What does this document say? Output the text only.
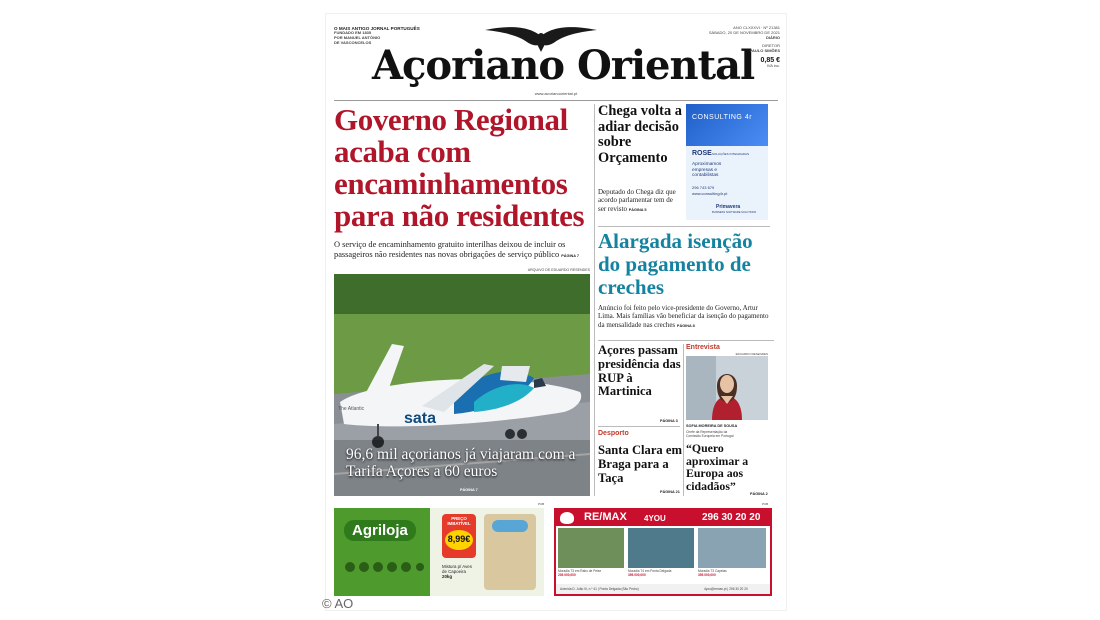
O MAIS ANTIGO JORNAL PORTUGUÊS
FUNDADO EM 1835
POR MANUEL ANTÓNIO
DE VASCONCELOS Açoriano Oriental
ANO CLXXXVI · Nº 21381
SÁBADO, 20 DE NOVEMBRO DE 2021
DIÁRIO
DIRETOR
PAULO SIMÕES
0,85 €
IVA inc.
www.acorianooriental.pt
Governo Regional acaba com encaminhamentos para não residentes
O serviço de encaminhamento gratuito interilhas deixou de incluir os passageiros não residentes nas novas obrigações de serviço público PÁGINA 7
ARQUIVO DE EDUARDO RESENDES
sata
The Atlantic
96,6 mil açorianos já viajaram com a Tarifa Açores a 60 euros
PÁGINA 7
Chega volta a adiar decisão sobre Orçamento
Deputado do Chega diz que acordo parlamentar tem de ser revisto PÁGINA 5
CONSULTING 4r
ROSE SOLUÇÕES INTEGRADAS
Aproximamos
empresas e
contabilistas
296 743 679
www.consulting4r.pt
Primavera
BUSINESS SOFTWARE SOLUTIONS
Alargada isenção do pagamento de creches
Anúncio foi feito pelo vice-presidente do Governo, Artur Lima. Mais famílias vão beneficiar da isenção do pagamento da mensalidade nas creches PÁGINA 8
Açores passam presidência das RUP à Martinica
PÁGINA 3
Desporto
Santa Clara em Braga para a Taça
PÁGINA 21
Entrevista
EDUARDO RESENDES
SOFIA MOREIRA DE SOUSA
Chefe da Representação da
Comissão Europeia em Portugal
“Quero aproximar a Europa aos cidadãos”
PÁGINA 2
PUB	PUB
Agriloja
PREÇO
IMBATÍVEL
8,99€
Mistura p/ Aves
de Capoeira
20kg
RE/MAX 4YOU	296 30 20 20
Moradia T3 em Rabo de Peixe
239.000,000
Moradia T4 em Ponta Delgada
395.000,000
Moradia T3 Capelas
395.000,000
Avenida D. João III, n.º 41 | Ponta Delgada (São Pedro)	4you@remax.pt | 296 30 20 20
© AO
